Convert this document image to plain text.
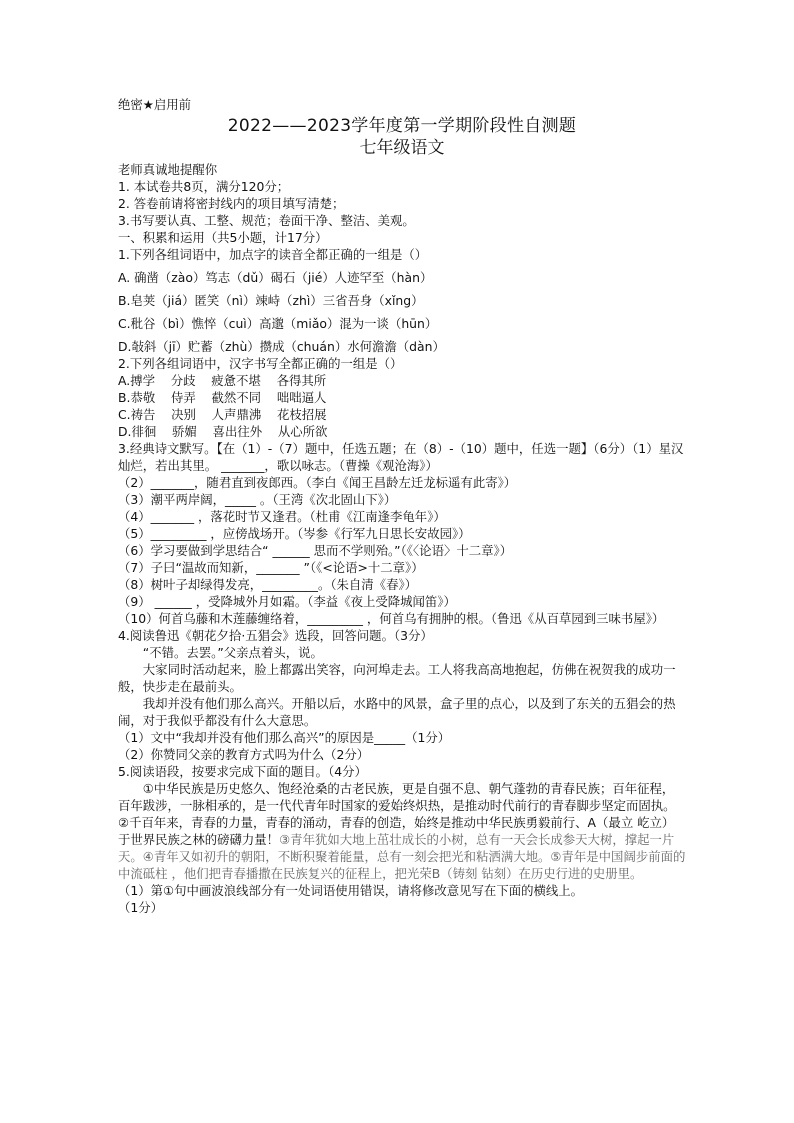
绝密★启用前
2022——2023学年度第一学期阶段性自测题
七年级语文
老师真诚地提醒你
1. 本试卷共8页，满分120分；
2. 答卷前请将密封线内的项目填写清楚；
3.书写要认真、工整、规范；卷面干净、整洁、美观。
一、积累和运用（共5小题，计17分）
1.下列各组词语中，加点字的读音全都正确的一组是（）
A. 确凿（zào）笃志（dǔ）碣石（jié）人迹罕至（hàn）
B.皂荚（jiá）匿笑（nì）竦峙（zhì）三省吾身（xǐng）
C.秕谷（bì）憔悴（cuì）高邈（miǎo）混为一谈（hūn）
D.敧斜（jī）贮蓄（zhù）攒成（chuán）水何澹澹（dàn）
2.下列各组词语中，汉字书写全都正确的一组是（）
A.搏学    分歧    疲惫不堪    各得其所
B.恭敬    侍弄    截然不同    咄咄逼人
C.祷告    决别    人声鼎沸    花枝招展
D.徘徊    骄媚    喜出往外    从心所欲
3.经典诗文默写。【在（1）-（7）题中，任选五题；在（8）-（10）题中，任选一题】（6分）（1）星汉灿烂，若出其里。 _______，歌以咏志。（曹操《观沧海》）
（2）_______，随君直到夜郎西。（李白《闻王昌龄左迁龙标遥有此寄》）
（3）潮平两岸阔，_____ 。（王湾《次北固山下》）
（4）_______ ，落花时节又逢君。（杜甫《江南逢李龟年》）
（5）_________ ，应傍战场开。（岑参《行军九日思长安故园》）
（6）学习要做到学思结合“ ______ 思而不学则殆。”（《〈论语〉十二章》）
（7）子曰“温故而知新，_______ ”（《<论语>十二章》）
（8）树叶子却绿得发亮，_________。（朱自清《春》）
（9） ______ ，受降城外月如霜。（李益《夜上受降城闻笛》）
（10）何首乌藤和木莲藤缠络着，_________ ，何首乌有拥肿的根。（鲁迅《从百草园到三味书屋》）
4.阅读鲁迅《朝花夕拾·五猖会》选段，回答问题。（3分）
“不错。去罢。”父亲点着头，说。
大家同时活动起来，脸上都露出笑容，向河埠走去。工人将我高高地抱起，仿佛在祝贺我的成功一般，快步走在最前头。
我却并没有他们那么高兴。开船以后，水路中的风景，盒子里的点心，以及到了东关的五猖会的热闹，对于我似乎都没有什么大意思。
（1）文中“我却并没有他们那么高兴”的原因是_____（1分）
（2）你赞同父亲的教育方式吗为什么（2分）
5.阅读语段，按要求完成下面的题目。（4分）
①中华民族是历史悠久、饱经沧桑的古老民族，更是自强不息、朝气蓬勃的青春民族；百年征程，百年跋涉，一脉相承的，是一代代青年时国家的爱始终炽热，是推动时代前行的青春脚步坚定而固执。②千百年来，青春的力量，青春的涌动，青春的创造，始终是推动中华民族勇毅前行、A（最立 屹立）于世界民族之林的磅礴力量！③青年犹如大地上茁壮成长的小树，总有一天会长成参天大树，撑起一片天。④青年又如初升的朝阳，不断积聚着能量，总有一刻会把光和粘洒满大地。⑤青年是中国阔步前面的中流砥柱 ，他们把青春播撒在民族复兴的征程上，把光荣B（铸刻 钻刻）在历史行进的史册里。
（1）第①句中画波浪线部分有一处词语使用错误，请将修改意见写在下面的横线上。
（1分）
